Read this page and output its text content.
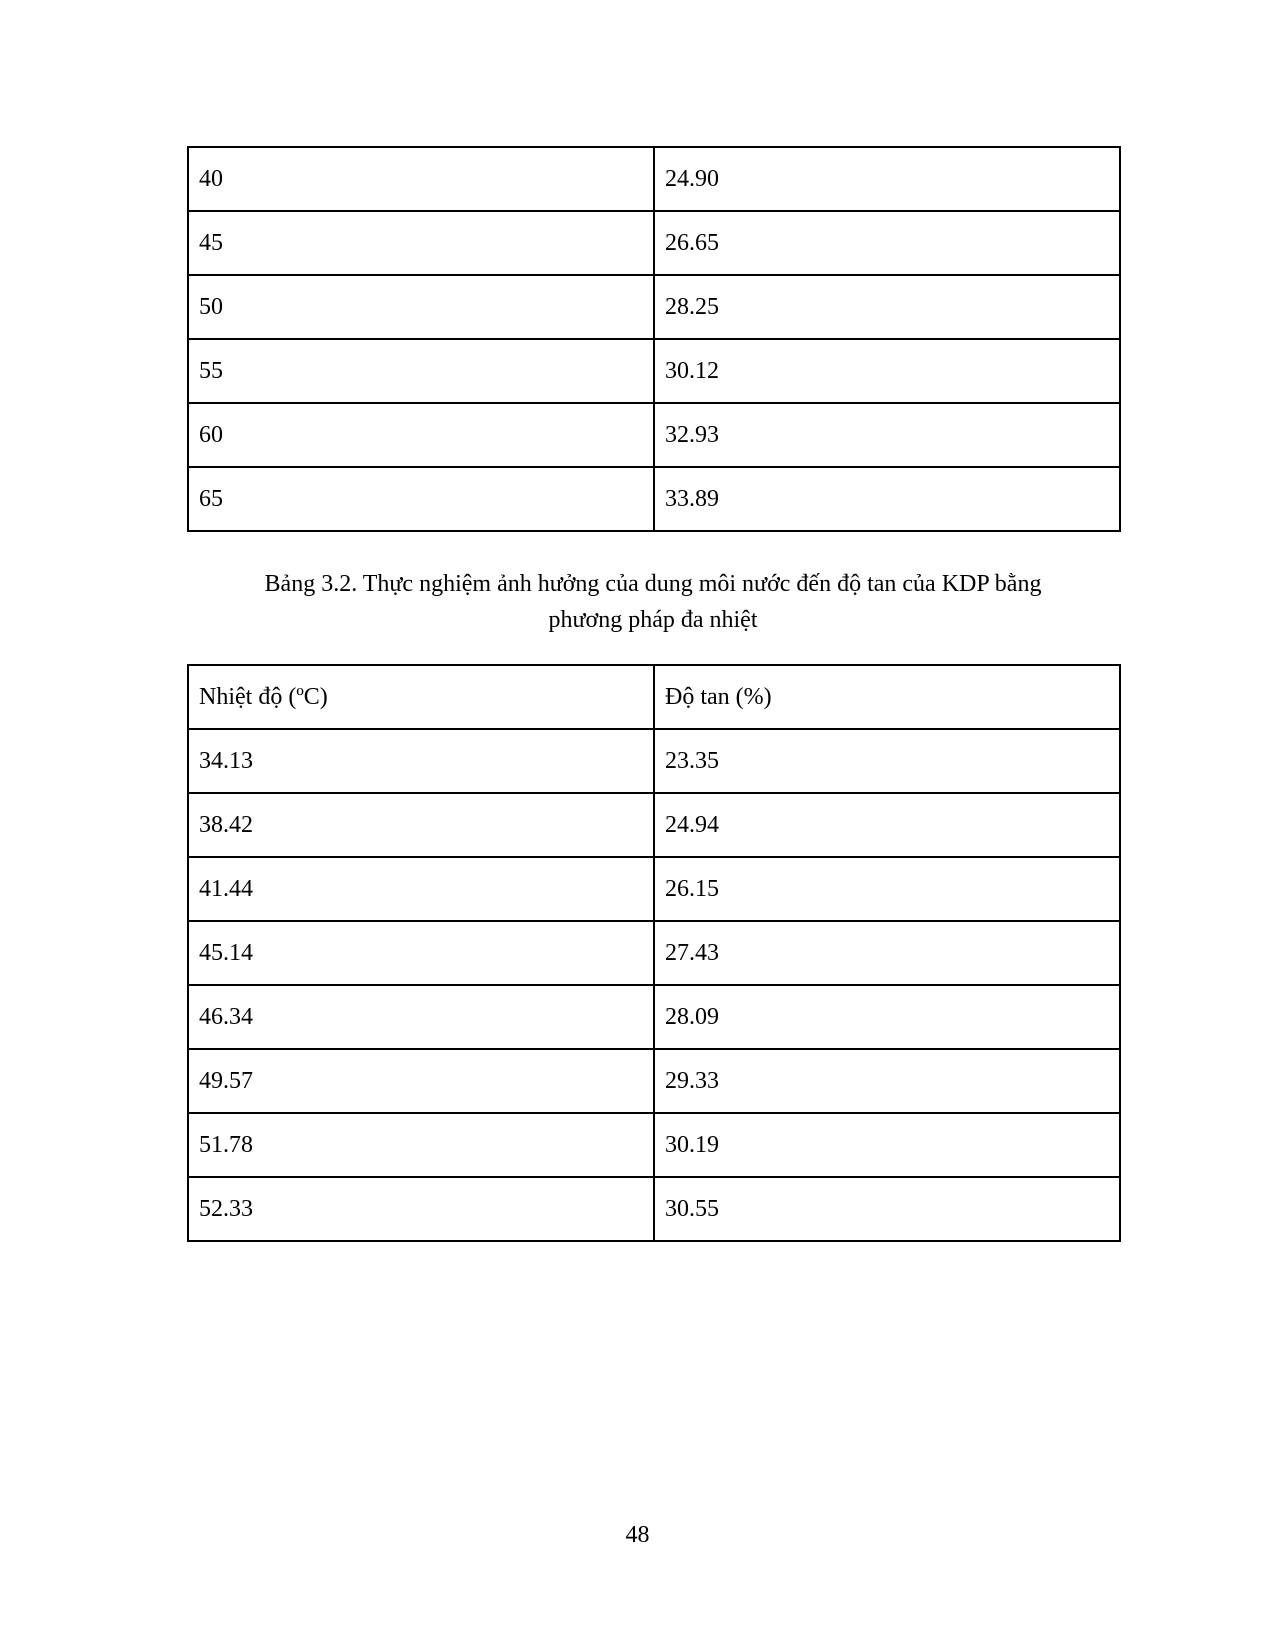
40	24.90
45	26.65
50	28.25
55	30.12
60	32.93
65	33.89
Bảng 3.2. Thực nghiệm ảnh hưởng của dung môi nước đến độ tan của KDP bằng
phương pháp đa nhiệt
Nhiệt độ (ºC)	Độ tan (%)
34.13	23.35
38.42	24.94
41.44	26.15
45.14	27.43
46.34	28.09
49.57	29.33
51.78	30.19
52.33	30.55
48
